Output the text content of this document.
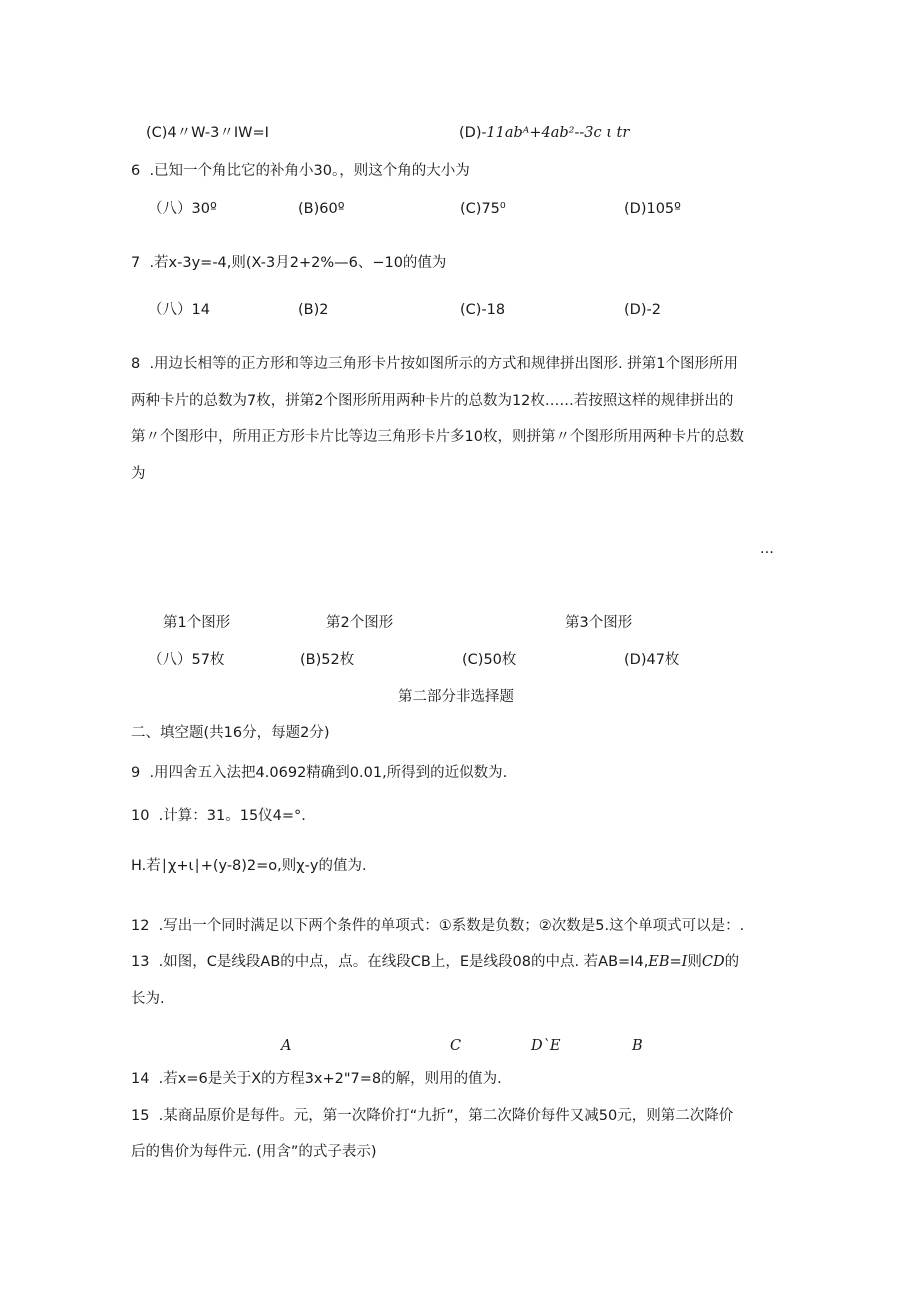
(C)4〃W-3〃IW=I	(D)-11abᴬ+4ab²--3c ι tr
6  .已知一个角比它的补角小30。，则这个角的大小为
（八）30º	(B)60º	(C)75⁰	(D)105º
7  .若x-3y=-4,则(X-3月2+2%—6、−10的值为
（八）14	(B)2	(C)-18	(D)-2
8  .用边长相等的正方形和等边三角形卡片按如图所示的方式和规律拼出图形. 拼第1个图形所用
两种卡片的总数为7枚，拼第2个图形所用两种卡片的总数为12枚……若按照这样的规律拼出的
第〃个图形中，所用正方形卡片比等边三角形卡片多10枚，则拼第〃个图形所用两种卡片的总数
为
...
第1个图形	第2个图形	第3个图形
（八）57枚	(B)52枚	(C)50枚	(D)47枚
第二部分非选择题
二、填空题(共16分，每题2分)
9  .用四舍五入法把4.0692精确到0.01,所得到的近似数为.
10  .计算：31。15仪4=°.
H.若∣χ+ι∣+(y-8)2=o,则χ-y的值为.
12  .写出一个同时满足以下两个条件的单项式：①系数是负数；②次数是5.这个单项式可以是：.
13  .如图，C是线段AB的中点，点。在线段CB上，E是线段08的中点. 若AB=I4,EB=I则CD的
长为.
A	C	D`E	B
14  .若x=6是关于X的方程3x+2"7=8的解，则用的值为.
15  .某商品原价是每件。元，第一次降价打“九折”，第二次降价每件又减50元，则第二次降价
后的售价为每件元. (用含”的式子表示)
